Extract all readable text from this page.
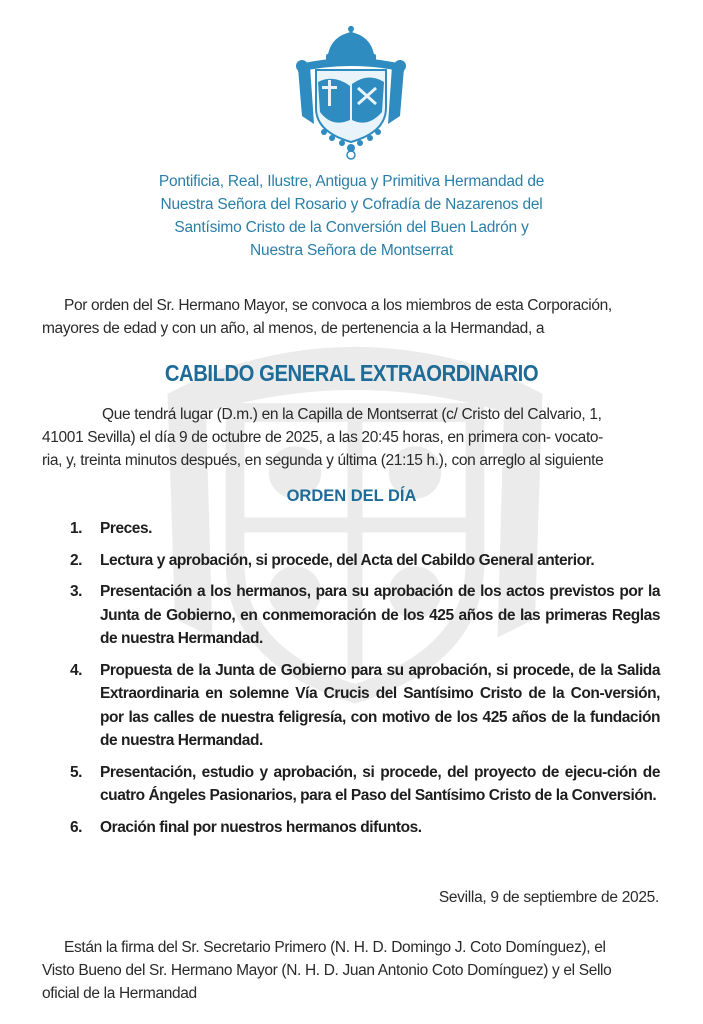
Pontificia, Real, Ilustre, Antigua y Primitiva Hermandad de
Nuestra Señora del Rosario y Cofradía de Nazarenos del
Santísimo Cristo de la Conversión del Buen Ladrón y
Nuestra Señora de Montserrat
Por orden del Sr. Hermano Mayor, se convoca a los miembros de esta Corporación,
mayores de edad y con un año, al menos, de pertenencia a la Hermandad, a
CABILDO GENERAL EXTRAORDINARIO
Que tendrá lugar (D.m.) en la Capilla de Montserrat (c/ Cristo del Calvario, 1,
41001 Sevilla) el día 9 de octubre de 2025, a las 20:45 horas, en primera con- vocato-
ria, y, treinta minutos después, en segunda y última (21:15 h.), con arreglo al siguiente
ORDEN DEL DÍA
1. Preces.
2. Lectura y aprobación, si procede, del Acta del Cabildo General anterior.
3. Presentación a los hermanos, para su aprobación de los actos previstos por la Junta de Gobierno, en conmemoración de los 425 años de las primeras Reglas de nuestra Hermandad.
4. Propuesta de la Junta de Gobierno para su aprobación, si procede, de la Salida Extraordinaria en solemne Vía Crucis del Santísimo Cristo de la Con-versión, por las calles de nuestra feligresía, con motivo de los 425 años de la fundación de nuestra Hermandad.
5. Presentación, estudio y aprobación, si procede, del proyecto de ejecu-ción de cuatro Ángeles Pasionarios, para el Paso del Santísimo Cristo de la Conversión.
6. Oración final por nuestros hermanos difuntos.
Sevilla, 9 de septiembre de 2025.
Están la firma del Sr. Secretario Primero (N. H. D. Domingo J. Coto Domínguez), el
Visto Bueno del Sr. Hermano Mayor (N. H. D. Juan Antonio Coto Domínguez) y el Sello
oficial de la Hermandad
